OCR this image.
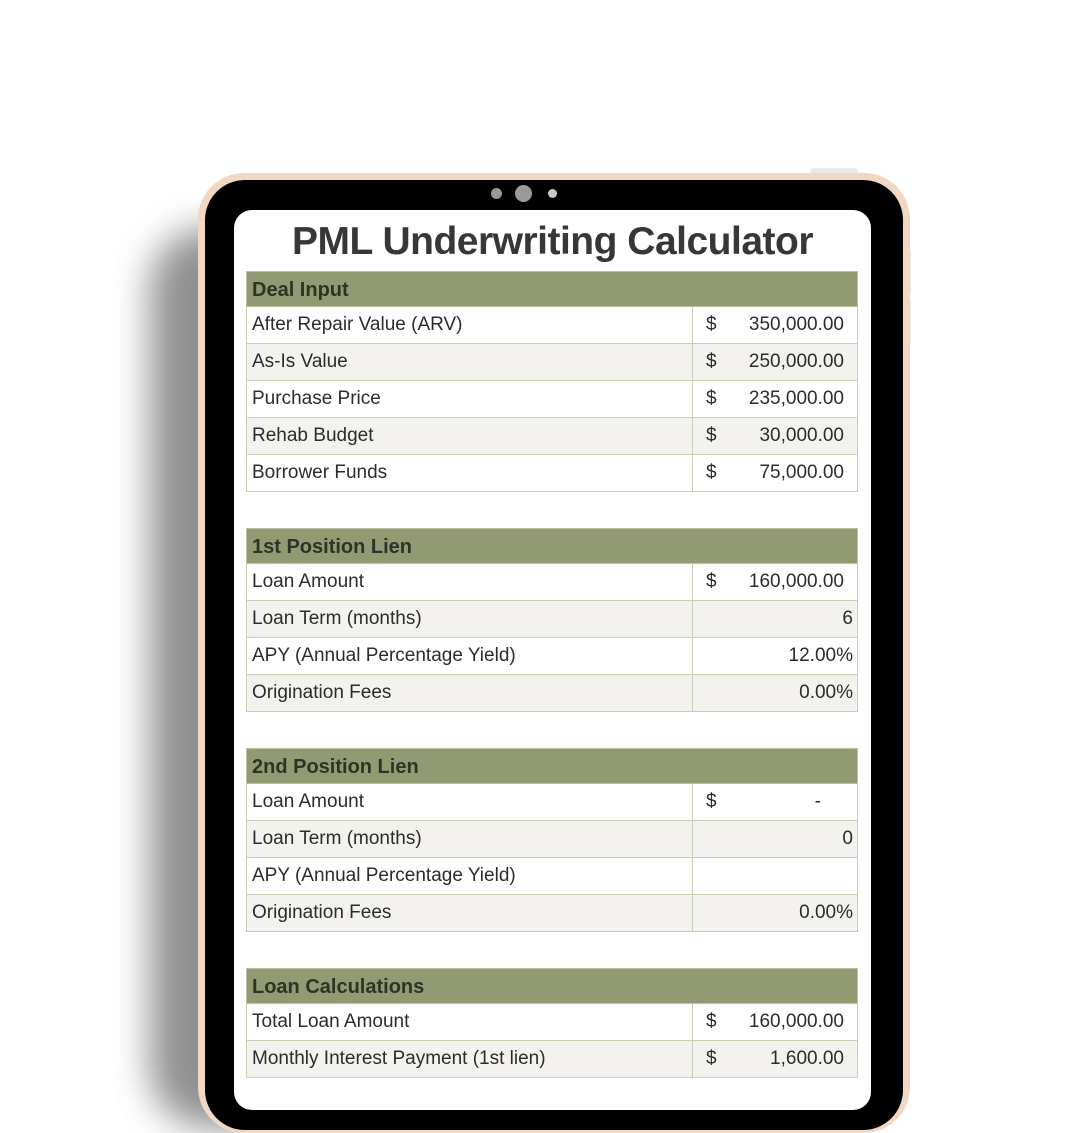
PML Underwriting Calculator
Deal Input
After Repair Value (ARV)	$	350,000.00
As-Is Value	$	250,000.00
Purchase Price	$	235,000.00
Rehab Budget	$	30,000.00
Borrower Funds	$	75,000.00
1st Position Lien
Loan Amount	$	160,000.00
Loan Term (months)	6
APY (Annual Percentage Yield)	12.00%
Origination Fees	0.00%
2nd Position Lien
Loan Amount	$	-
Loan Term (months)	0
APY (Annual Percentage Yield)
Origination Fees	0.00%
Loan Calculations
Total Loan Amount	$	160,000.00
Monthly Interest Payment (1st lien)	$	1,600.00
